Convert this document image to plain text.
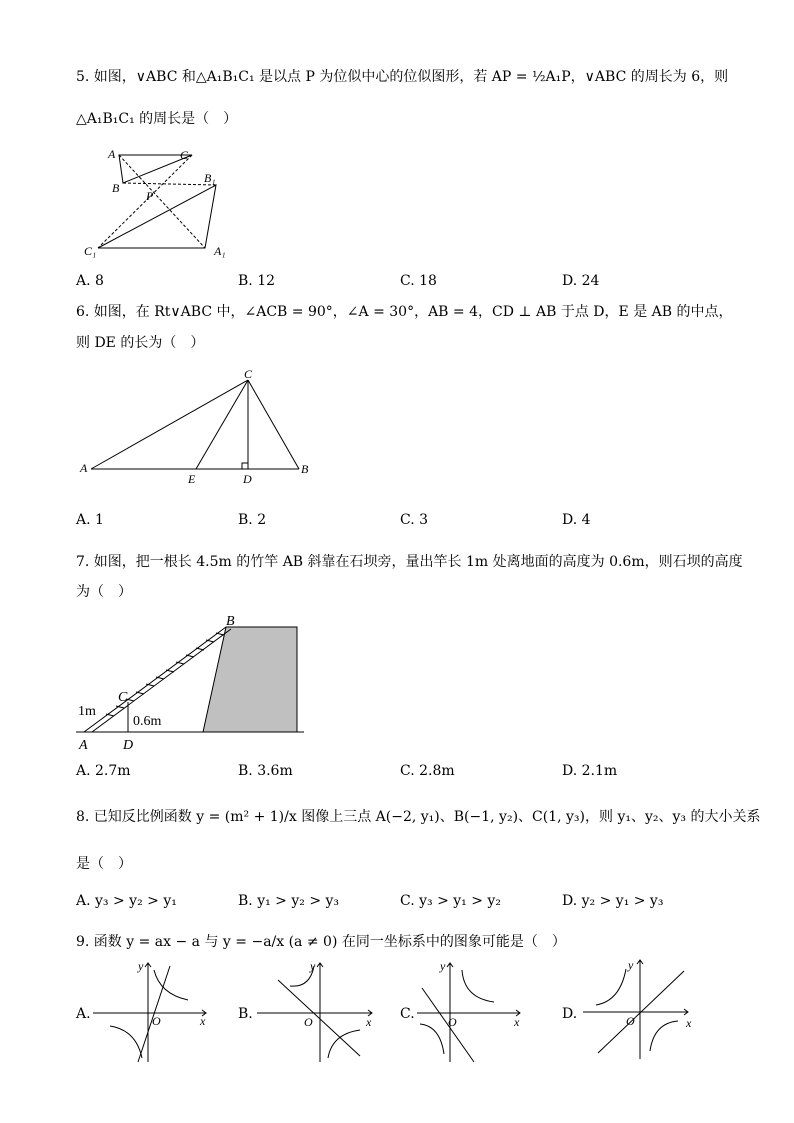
5. 如图，∨ABC 和△A₁B₁C₁ 是以点 P 为位似中心的位似图形，若 AP = ½A₁P，∨ABC 的周长为 6，则
△A₁B₁C₁ 的周长是（　）
A	C
B
P
B₁
C₁	A₁
A. 8	B. 12	C. 18	D. 24
6. 如图，在 Rt∨ABC 中，∠ACB = 90°，∠A = 30°，AB = 4，CD ⊥ AB 于点 D，E 是 AB 的中点，
则 DE 的长为（　）
C
A
E	D
B
A. 1	B. 2	C. 3	D. 4
7. 如图，把一根长 4.5m 的竹竿 AB 斜靠在石坝旁，量出竿长 1m 处离地面的高度为 0.6m，则石坝的高度
为（　）
B
C
1m
0.6m
A	D
A. 2.7m	B. 3.6m	C. 2.8m	D. 2.1m
8. 已知反比例函数 y = (m² + 1)/x 图像上三点 A(−2, y₁)、B(−1, y₂)、C(1, y₃)，则 y₁、y₂、y₃ 的大小关系
是（　）
A. y₃ > y₂ > y₁	B. y₁ > y₂ > y₃	C. y₃ > y₁ > y₂	D. y₂ > y₁ > y₃
9. 函数 y = ax − a 与 y = −a/x (a ≠ 0) 在同一坐标系中的图象可能是（　）
A.
y
x
O	B.
y
x
O	C.
y
x
O	D.
y
x
O
